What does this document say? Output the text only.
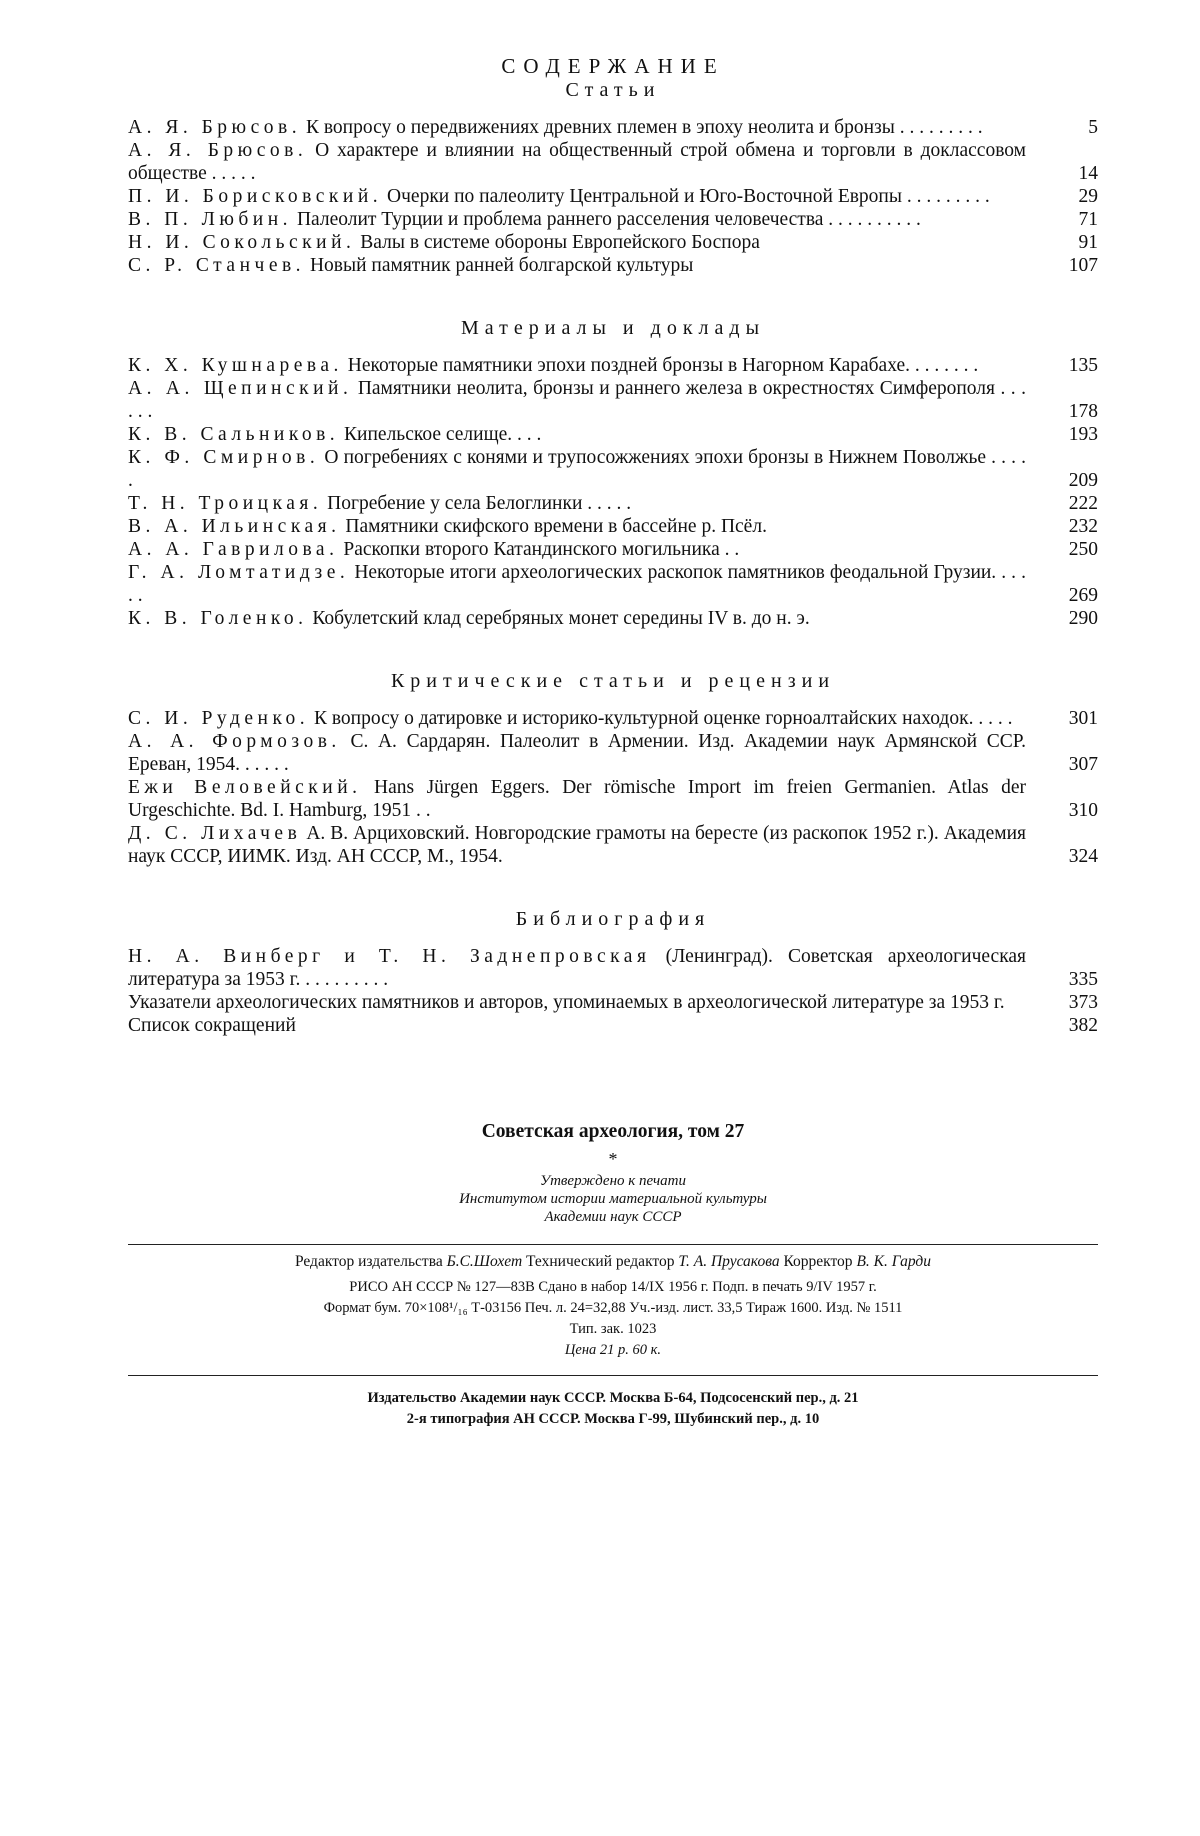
СОДЕРЖАНИЕ
Статьи
А. Я. Брюсов. К вопросу о передвижениях древних племен в эпоху неолита и бронзы . . . . . . . . .	5
А. Я. Брюсов. О характере и влиянии на общественный строй обмена и торговли в доклассовом обществе . . . . .	14
П. И. Борисковский. Очерки по палеолиту Центральной и Юго-Восточной Европы . . . . . . . . .	29
В. П. Любин. Палеолит Турции и проблема раннего расселения человечества . . . . . . . . . .	71
Н. И. Сокольский. Валы в системе обороны Европейского Боспора	91
С. Р. Станчев. Новый памятник ранней болгарской культуры	107
Материалы и доклады
К. Х. Кушнарева. Некоторые памятники эпохи поздней бронзы в Нагорном Карабахе. . . . . . . .	135
А. А. Щепинский. Памятники неолита, бронзы и раннего железа в окрестностях Симферополя . . . . . .	178
К. В. Сальников. Кипельское селище. . . .	193
К. Ф. Смирнов. О погребениях с конями и трупосожжениях эпохи бронзы в Нижнем Поволжье . . . . .	209
Т. Н. Троицкая. Погребение у села Белоглинки . . . . .	222
В. А. Ильинская. Памятники скифского времени в бассейне р. Псёл.	232
А. А. Гаврилова. Раскопки второго Катандинского могильника . .	250
Г. А. Ломтатидзе. Некоторые итоги археологических раскопок памятников феодальной Грузии. . . . . .	269
К. В. Голенко. Кобулетский клад серебряных монет середины IV в. до н. э.	290
Критические статьи и рецензии
С. И. Руденко. К вопросу о датировке и историко-культурной оценке горноалтайских находок. . . . .	301
А. А. Формозов. С. А. Сардарян. Палеолит в Армении. Изд. Академии наук Армянской ССР. Ереван, 1954. . . . . .	307
Ежи Веловейский. Hans Jürgen Eggers. Der römische Import im freien Germanien. Atlas der Urgeschichte. Bd. I. Hamburg, 1951 . .	310
Д. С. Лихачев А. В. Арциховский. Новгородские грамоты на бересте (из раскопок 1952 г.). Академия наук СССР, ИИМК. Изд. АН СССР, М., 1954.	324
Библиография
Н. А. Винберг и Т. Н. Заднепровская (Ленинград). Советская археологическая литература за 1953 г. . . . . . . . . .	335
Указатели археологических памятников и авторов, упоминаемых в археологической литературе за 1953 г.	373
Список сокращений	382
Советская археология, том 27
*
Утверждено к печати
Институтом истории материальной культуры
Академии наук СССР
Редактор издательства Б.С.Шохет Технический редактор Т. А. Прусакова Корректор В. К. Гарди
РИСО АН СССР № 127—83В Сдано в набор 14/IX 1956 г. Подп. в печать 9/IV 1957 г.
Формат бум. 70×108¹/₁₆ Т-03156 Печ. л. 24=32,88 Уч.-изд. лист. 33,5 Тираж 1600. Изд. № 1511
Тип. зак. 1023
Цена 21 р. 60 к.
Издательство Академии наук СССР. Москва Б-64, Подсосенский пер., д. 21
2-я типография АН СССР. Москва Г-99, Шубинский пер., д. 10
